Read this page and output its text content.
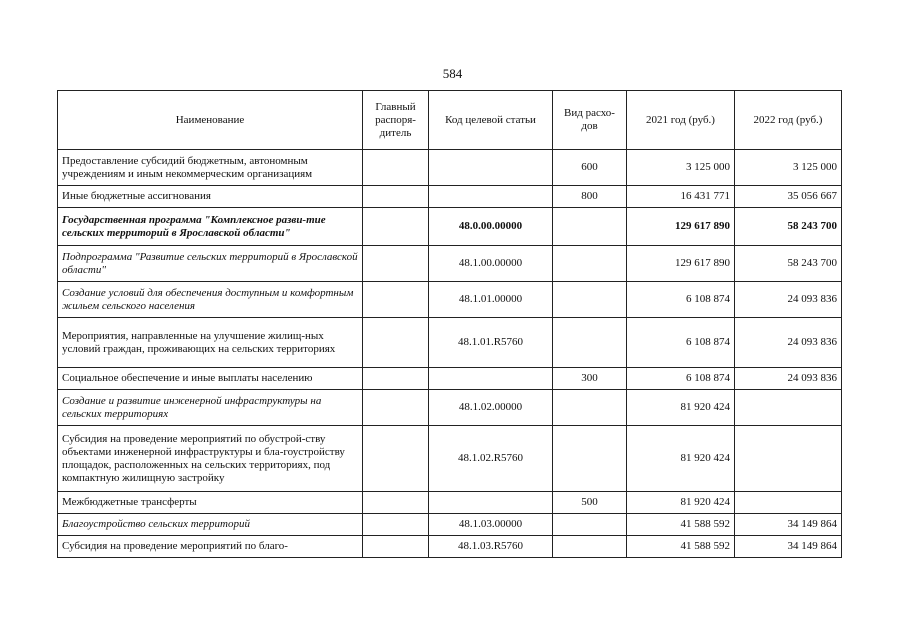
584
Наименование	Главный распоря-дитель	Код целевой статьи	Вид расхо-дов	2021 год (руб.)	2022 год (руб.)
Предоставление субсидий бюджетным, автономным учреждениям и иным некоммерческим организациям			600	3 125 000	3 125 000
Иные бюджетные ассигнования			800	16 431 771	35 056 667
Государственная программа "Комплексное разви-тие сельских территорий в Ярославской области"		48.0.00.00000		129 617 890	58 243 700
Подпрограмма "Развитие сельских территорий в Ярославской области"		48.1.00.00000		129 617 890	58 243 700
Создание условий для обеспечения доступным и комфортным жильем сельского населения		48.1.01.00000		6 108 874	24 093 836
Мероприятия, направленные на улучшение жилищ-ных условий граждан, проживающих на сельских территориях		48.1.01.R5760		6 108 874	24 093 836
Социальное обеспечение и иные выплаты населению			300	6 108 874	24 093 836
Создание и развитие инженерной инфраструктуры на сельских территориях		48.1.02.00000		81 920 424	
Субсидия на проведение мероприятий по обустрой-ству объектами инженерной инфраструктуры и бла-гоустройству площадок, расположенных на сельских территориях, под компактную жилищную застройку		48.1.02.R5760		81 920 424	
Межбюджетные трансферты			500	81 920 424	
Благоустройство сельских территорий		48.1.03.00000		41 588 592	34 149 864
Субсидия на проведение мероприятий по благо-		48.1.03.R5760		41 588 592	34 149 864
